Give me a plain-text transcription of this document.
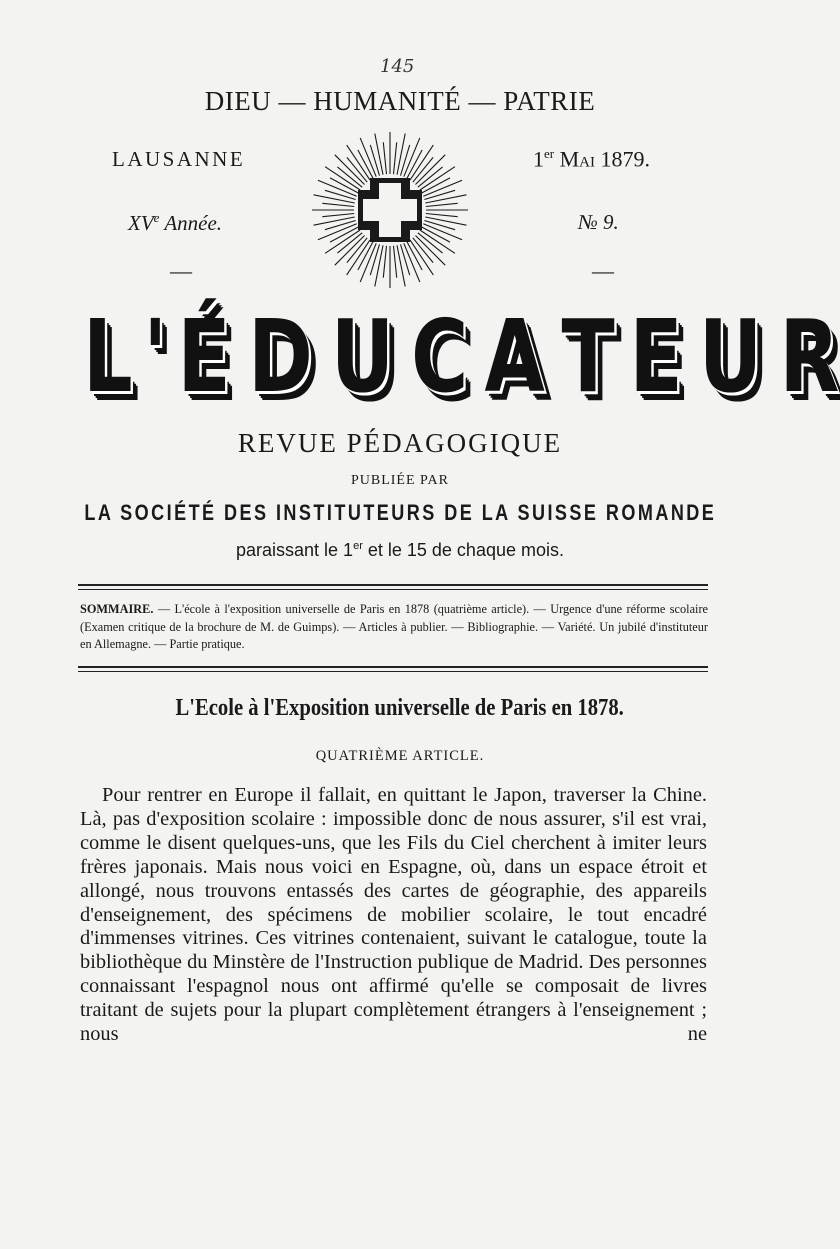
145
DIEU — HUMANITÉ — PATRIE
LAUSANNE	1er Mai 1879.
XVe Année.	№ 9.
—	—
L ' É D U C A T E U R
REVUE PÉDAGOGIQUE
PUBLIÉE PAR
LA SOCIÉTÉ DES INSTITUTEURS DE LA SUISSE ROMANDE
paraissant le 1er et le 15 de chaque mois.
SOMMAIRE. — L'école à l'exposition universelle de Paris en 1878 (quatrième article). — Urgence d'une réforme scolaire (Examen critique de la brochure de M. de Guimps). — Articles à publier. — Bibliographie. — Variété. Un jubilé d'instituteur en Allemagne. — Partie pratique.
L'Ecole à l'Exposition universelle de Paris en 1878.
QUATRIÈME ARTICLE.

Pour rentrer en Europe il fallait, en quittant le Japon, traverser la Chine. Là, pas d'exposition scolaire : impossible donc de nous assurer, s'il est vrai, comme le disent quelques-uns, que les Fils du Ciel cherchent à imiter leurs frères japonais. Mais nous voici en Espagne, où, dans un espace étroit et allongé, nous trouvons entassés des cartes de géographie, des appareils d'enseignement, des spécimens de mobilier scolaire, le tout encadré d'immenses vitrines. Ces vitrines contenaient, suivant le catalogue, toute la bibliothèque du Minstère de l'Instruction publique de Madrid. Des personnes connaissant l'espagnol nous ont affirmé qu'elle se composait de livres traitant de sujets pour la plupart complètement étrangers à l'enseignement ; nous ne
